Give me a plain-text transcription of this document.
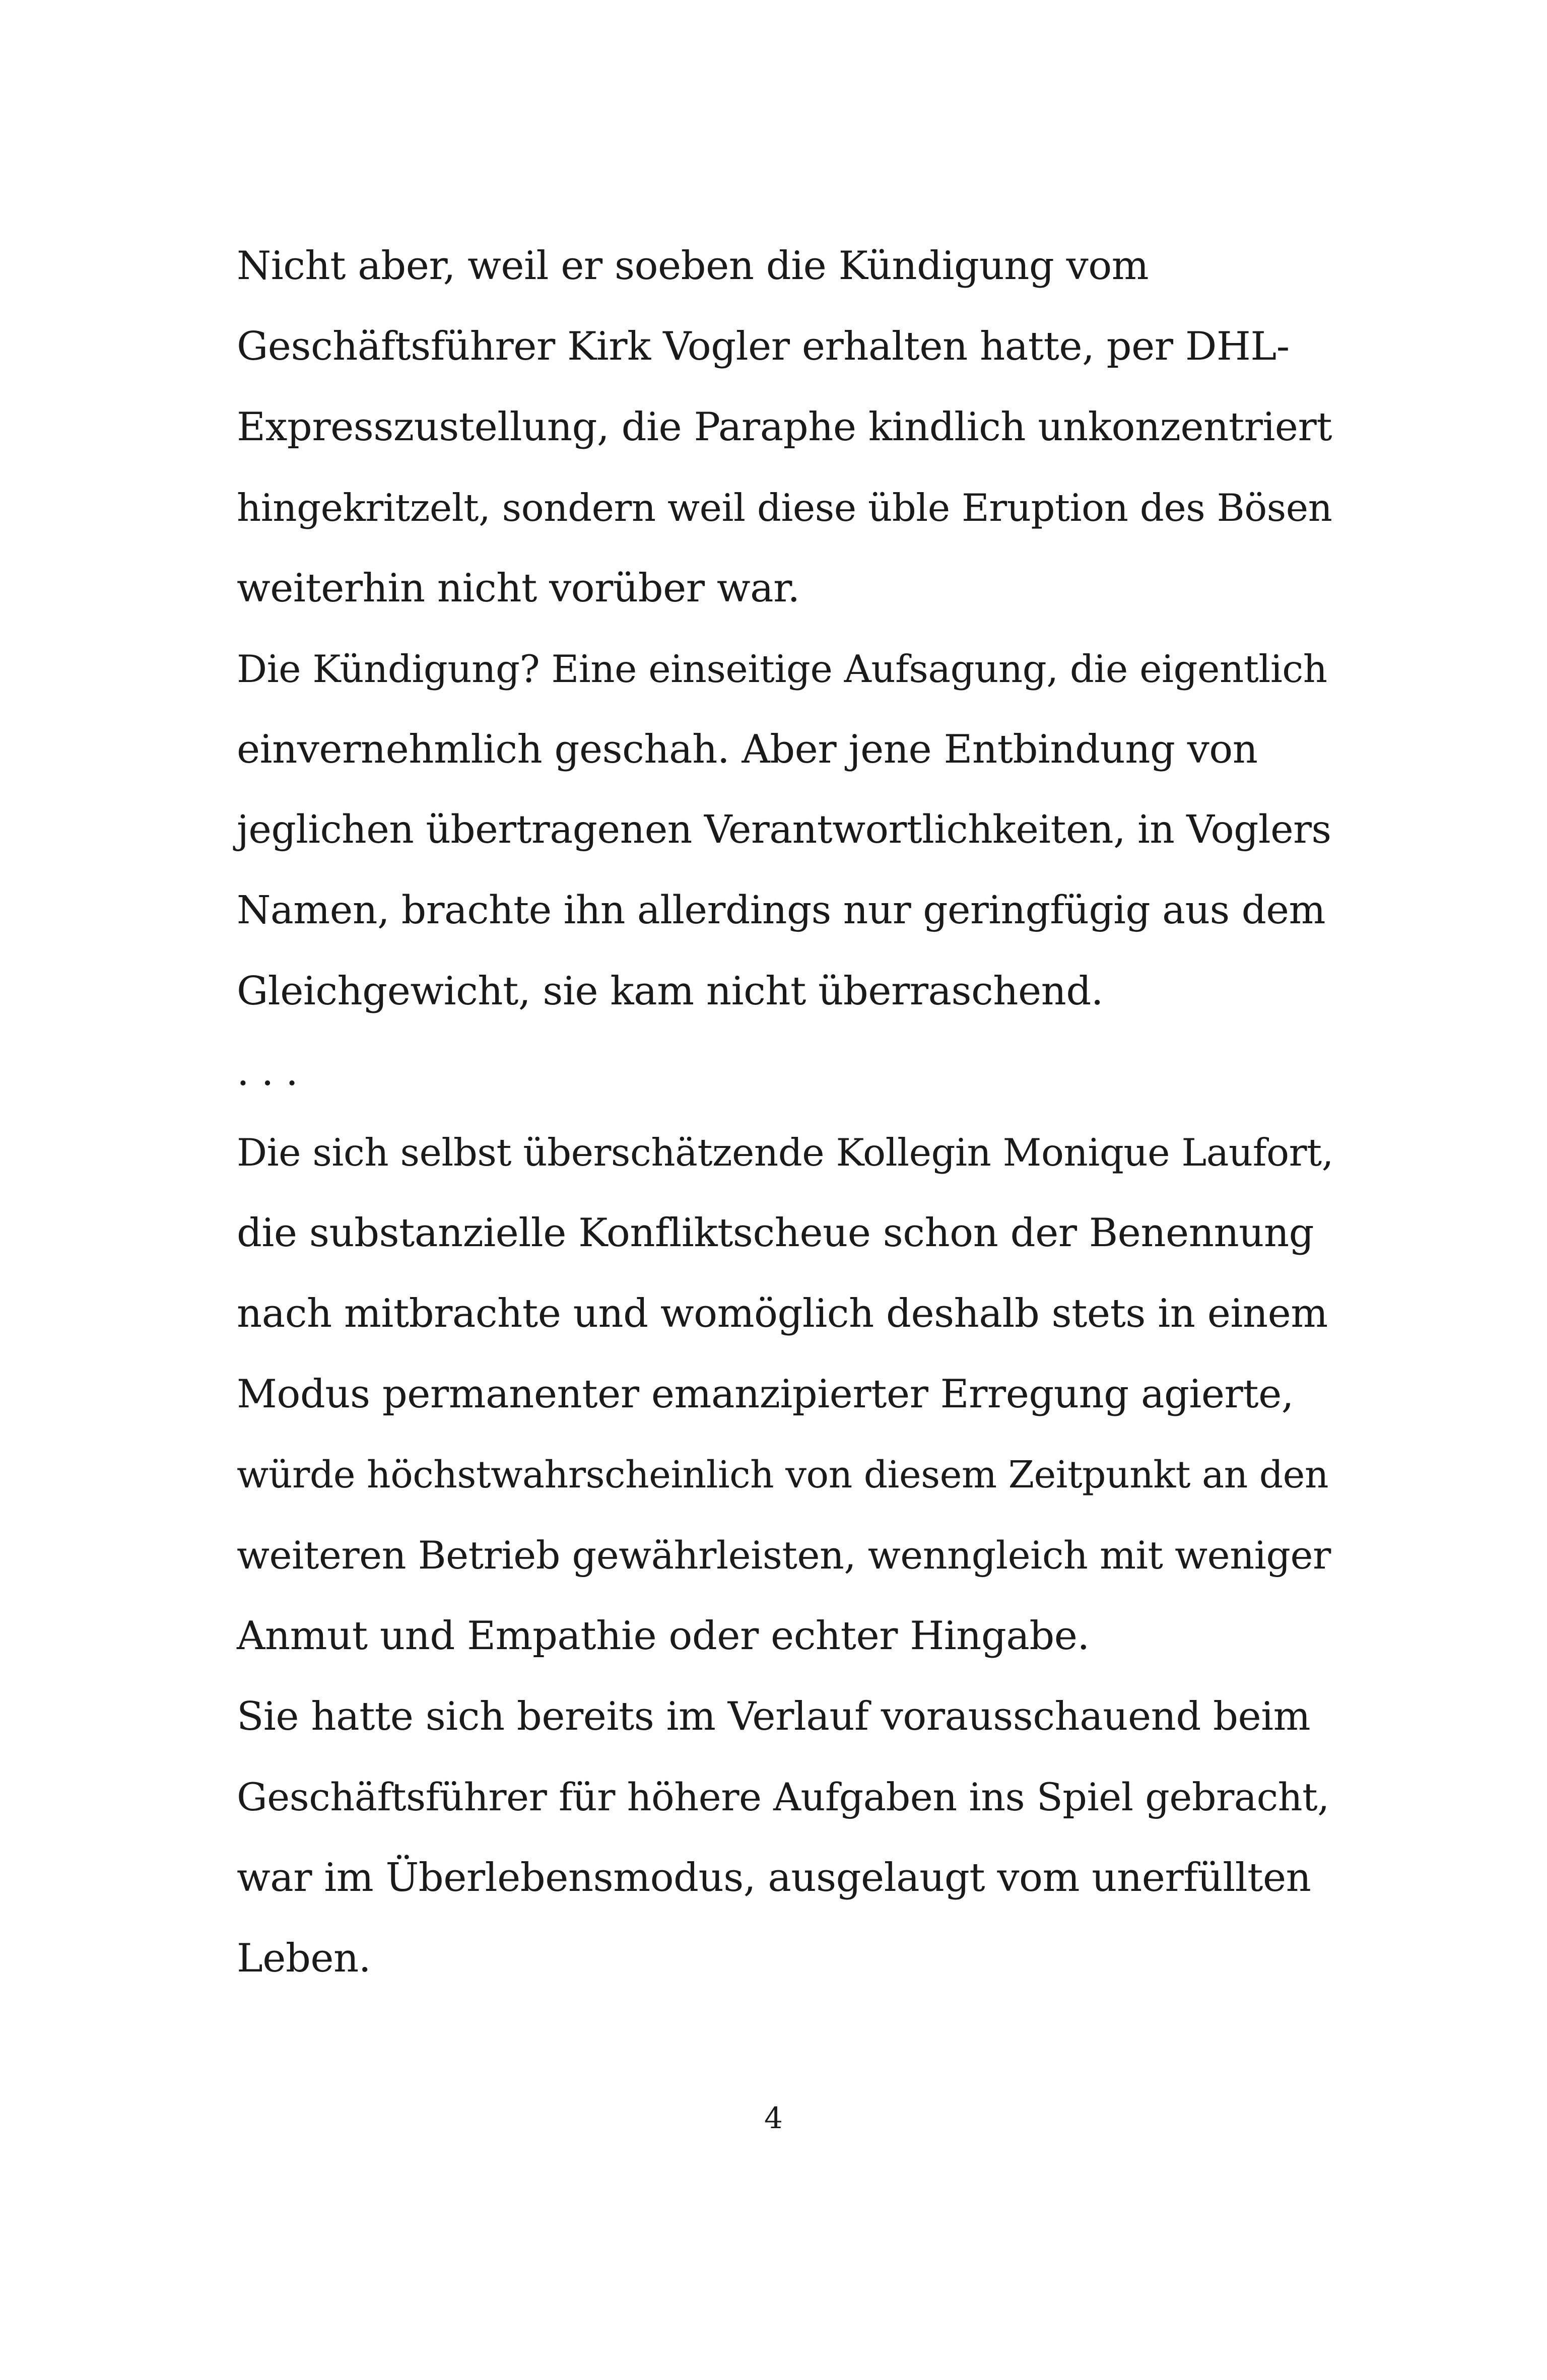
Nicht aber, weil er soeben die Kündigung vom
Geschäftsführer Kirk Vogler erhalten hatte, per DHL-
Expresszustellung, die Paraphe kindlich unkonzentriert
hingekritzelt, sondern weil diese üble Eruption des Bösen
weiterhin nicht vorüber war.
Die Kündigung? Eine einseitige Aufsagung, die eigentlich
einvernehmlich geschah. Aber jene Entbindung von
jeglichen übertragenen Verantwortlichkeiten, in Voglers
Namen, brachte ihn allerdings nur geringfügig aus dem
Gleichgewicht, sie kam nicht überraschend.
. . .
Die sich selbst überschätzende Kollegin Monique Laufort,
die substanzielle Konfliktscheue schon der Benennung
nach mitbrachte und womöglich deshalb stets in einem
Modus permanenter emanzipierter Erregung agierte,
würde höchstwahrscheinlich von diesem Zeitpunkt an den
weiteren Betrieb gewährleisten, wenngleich mit weniger
Anmut und Empathie oder echter Hingabe.
Sie hatte sich bereits im Verlauf vorausschauend beim
Geschäftsführer für höhere Aufgaben ins Spiel gebracht,
war im Überlebensmodus, ausgelaugt vom unerfüllten
Leben.
4
